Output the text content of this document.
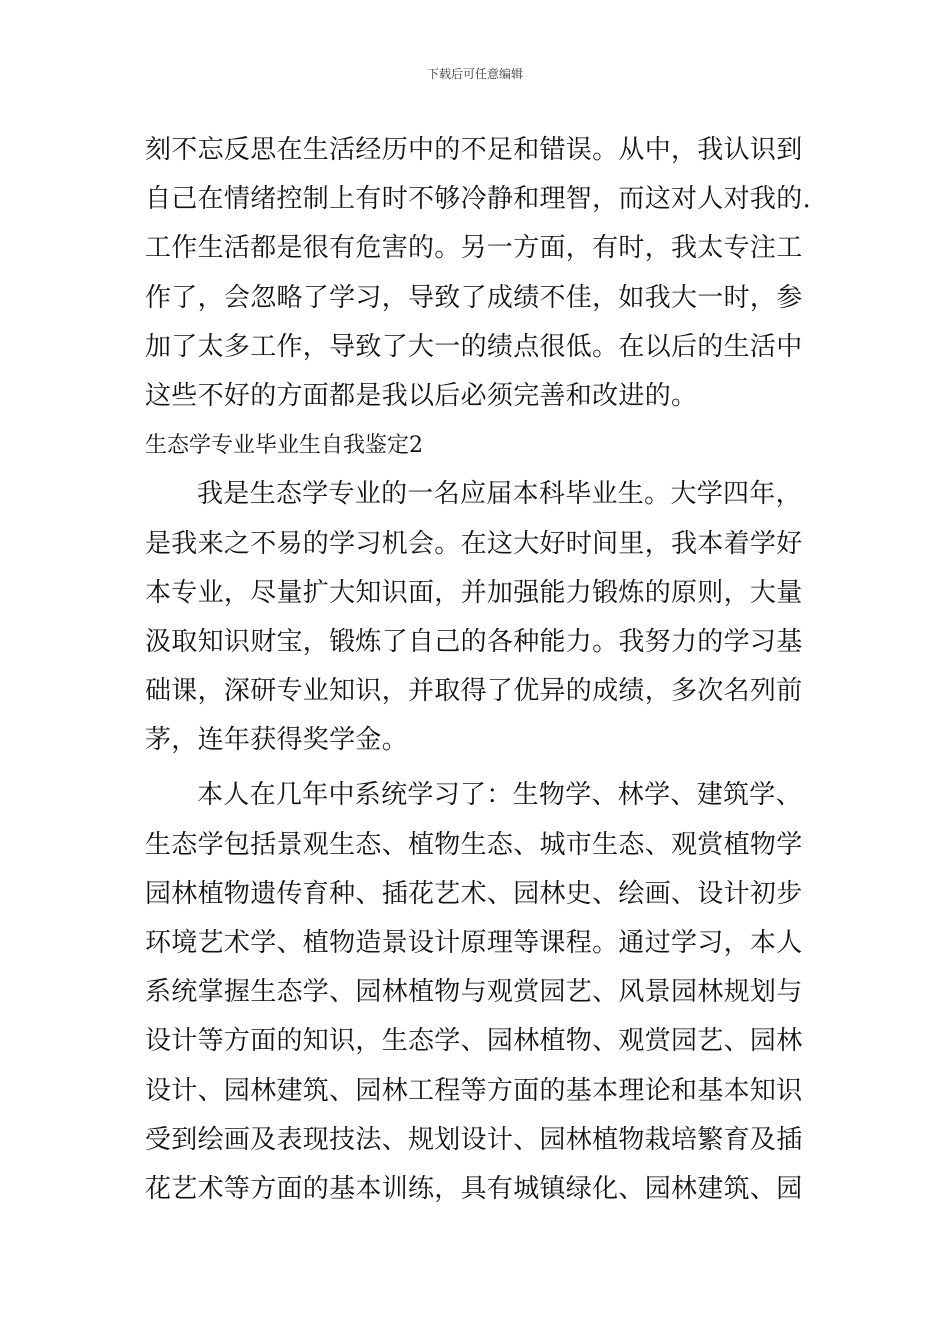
下载后可任意编辑
刻不忘反思在生活经历中的不足和错误。从中，我认识到
自己在情绪控制上有时不够冷静和理智，而这对人对我的.
工作生活都是很有危害的。另一方面，有时，我太专注工
作了，会忽略了学习，导致了成绩不佳，如我大一时，参
加了太多工作，导致了大一的绩点很低。在以后的生活中
这些不好的方面都是我以后必须完善和改进的。
生态学专业毕业生自我鉴定2
我是生态学专业的一名应届本科毕业生。大学四年，
是我来之不易的学习机会。在这大好时间里，我本着学好
本专业，尽量扩大知识面，并加强能力锻炼的原则，大量
汲取知识财宝，锻炼了自己的各种能力。我努力的学习基
础课，深研专业知识，并取得了优异的成绩，多次名列前
茅，连年获得奖学金。
本人在几年中系统学习了：生物学、林学、建筑学、
生态学包括景观生态、植物生态、城市生态、观赏植物学
园林植物遗传育种、插花艺术、园林史、绘画、设计初步
环境艺术学、植物造景设计原理等课程。通过学习，本人
系统掌握生态学、园林植物与观赏园艺、风景园林规划与
设计等方面的知识，生态学、园林植物、观赏园艺、园林
设计、园林建筑、园林工程等方面的基本理论和基本知识
受到绘画及表现技法、规划设计、园林植物栽培繁育及插
花艺术等方面的基本训练，具有城镇绿化、园林建筑、园
